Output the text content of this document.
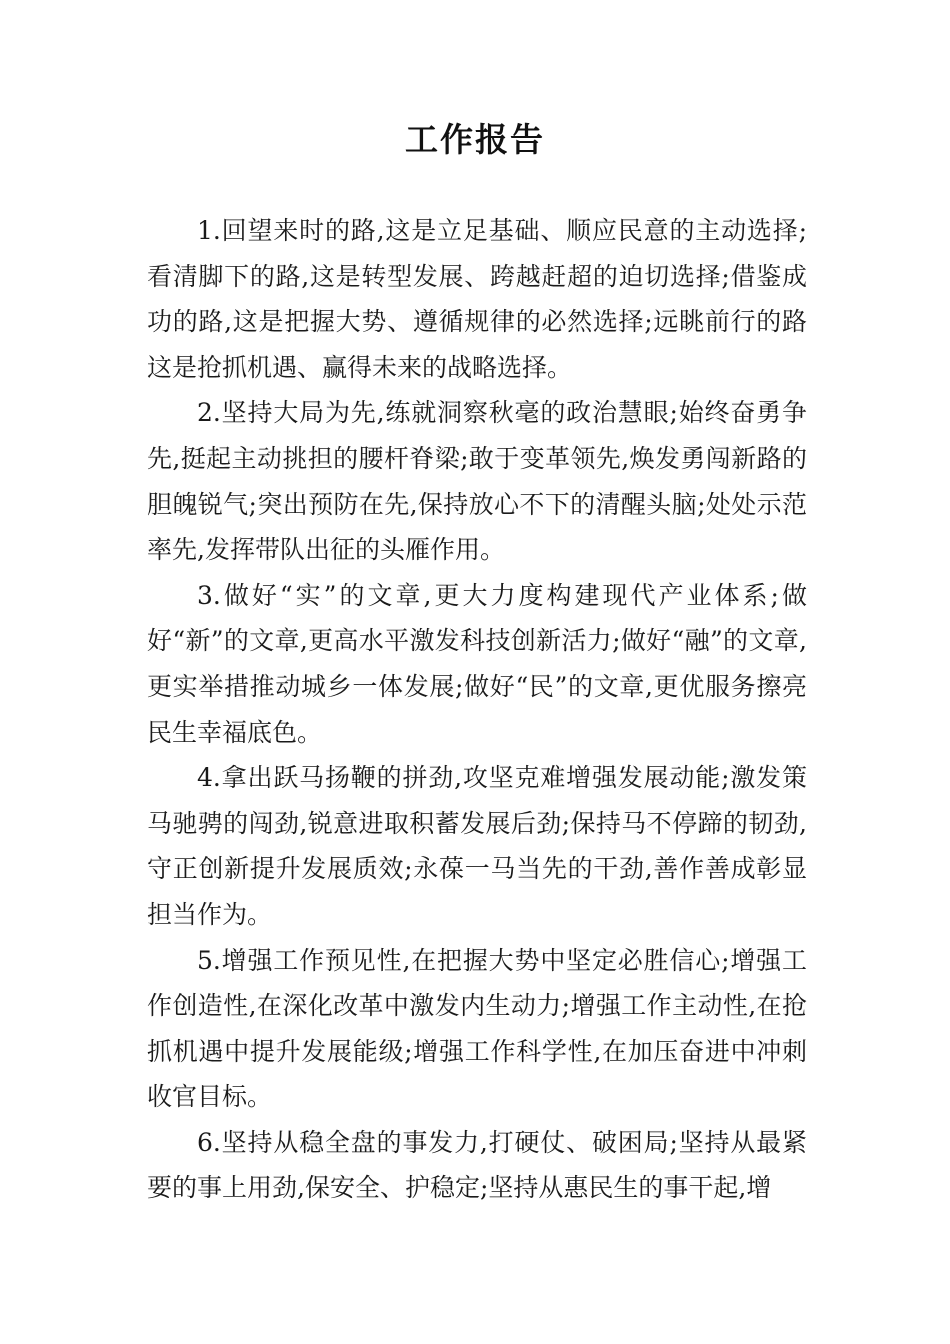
工作报告

1.回望来时的路,这是立足基础、顺应民意的主动选择;看清脚下的路,这是转型发展、跨越赶超的迫切选择;借鉴成功的路,这是把握大势、遵循规律的必然选择;远眺前行的路这是抢抓机遇、赢得未来的战略选择。

2.坚持大局为先,练就洞察秋毫的政治慧眼;始终奋勇争先,挺起主动挑担的腰杆脊梁;敢于变革领先,焕发勇闯新路的胆魄锐气;突出预防在先,保持放心不下的清醒头脑;处处示范率先,发挥带队出征的头雁作用。

3.做好“实”的文章,更大力度构建现代产业体系;做好“新”的文章,更高水平激发科技创新活力;做好“融”的文章,更实举措推动城乡一体发展;做好“民”的文章,更优服务擦亮民生幸福底色。

4.拿出跃马扬鞭的拼劲,攻坚克难增强发展动能;激发策马驰骋的闯劲,锐意进取积蓄发展后劲;保持马不停蹄的韧劲,守正创新提升发展质效;永葆一马当先的干劲,善作善成彰显担当作为。

5.增强工作预见性,在把握大势中坚定必胜信心;增强工作创造性,在深化改革中激发内生动力;增强工作主动性,在抢抓机遇中提升发展能级;增强工作科学性,在加压奋进中冲刺收官目标。

6.坚持从稳全盘的事发力,打硬仗、破困局;坚持从最紧要的事上用劲,保安全、护稳定;坚持从惠民生的事干起,增
